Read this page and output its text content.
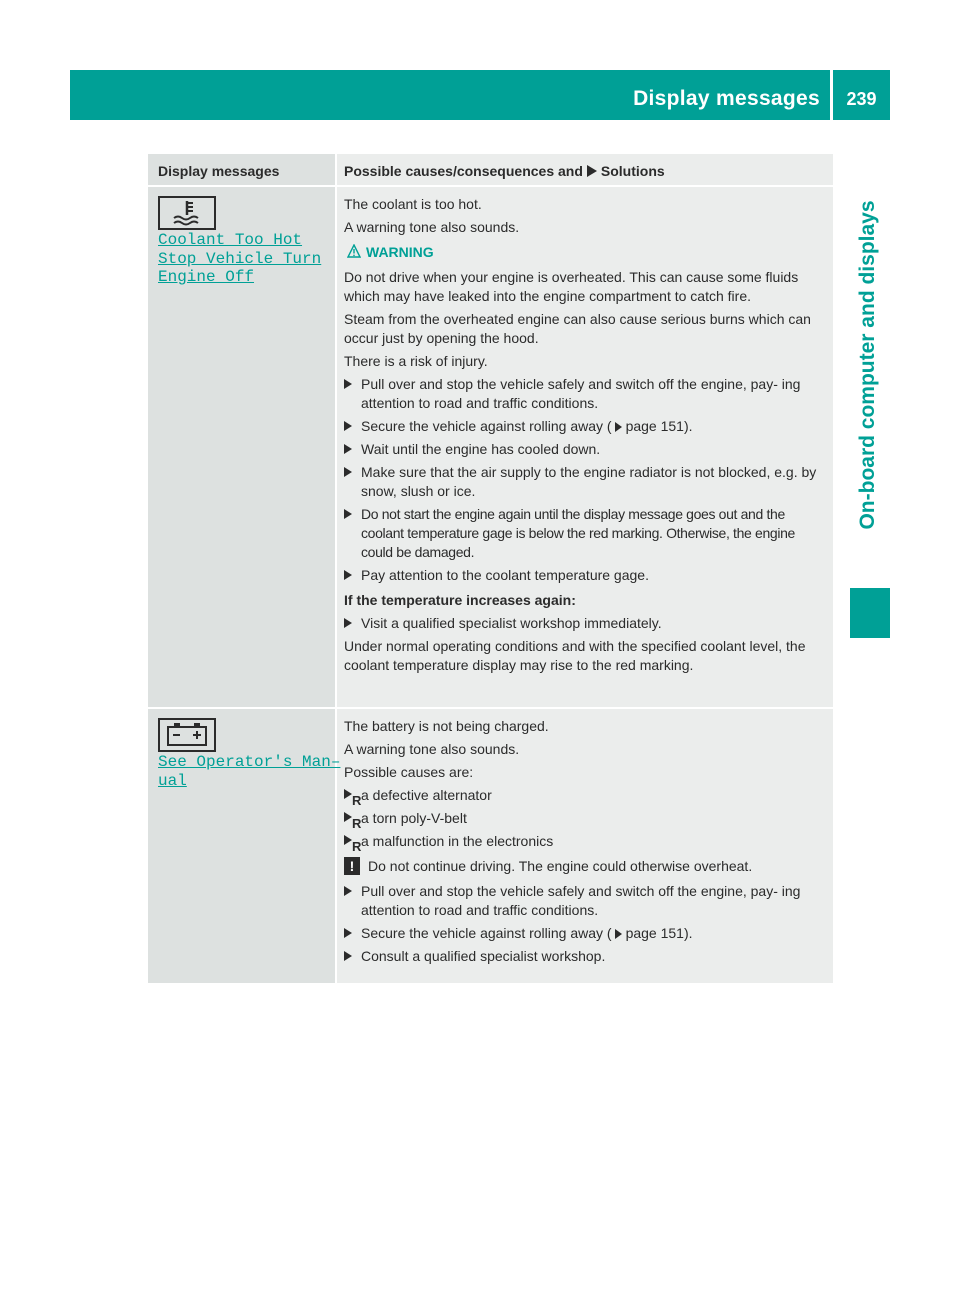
Display messages	239
On-board computer and displays
Display messages	Possible causes/consequences and Solutions
Coolant Too Hot
Stop Vehicle Turn
Engine Off
The coolant is too hot.
A warning tone also sounds.
WARNING
Do not drive when your engine is overheated. This can cause some fluids which may have leaked into the engine compartment to catch fire.
Steam from the overheated engine can also cause serious burns which can occur just by opening the hood.
There is a risk of injury.
Pull over and stop the vehicle safely and switch off the engine, pay- ing attention to road and traffic conditions.
Secure the vehicle against rolling away ( page 151).
Wait until the engine has cooled down.
Make sure that the air supply to the engine radiator is not blocked, e.g. by snow, slush or ice.
Do not start the engine again until the display message goes out and the coolant temperature gage is below the red marking. Otherwise, the engine could be damaged.
Pay attention to the coolant temperature gage.
If the temperature increases again:
Visit a qualified specialist workshop immediately.
Under normal operating conditions and with the specified coolant level, the coolant temperature display may rise to the red marking.
See Operator's Man–
ual
The battery is not being charged.
A warning tone also sounds.
Possible causes are:
R a defective alternator
R a torn poly-V-belt
R a malfunction in the electronics
! Do not continue driving. The engine could otherwise overheat.
Pull over and stop the vehicle safely and switch off the engine, pay- ing attention to road and traffic conditions.
Secure the vehicle against rolling away ( page 151).
Consult a qualified specialist workshop.
